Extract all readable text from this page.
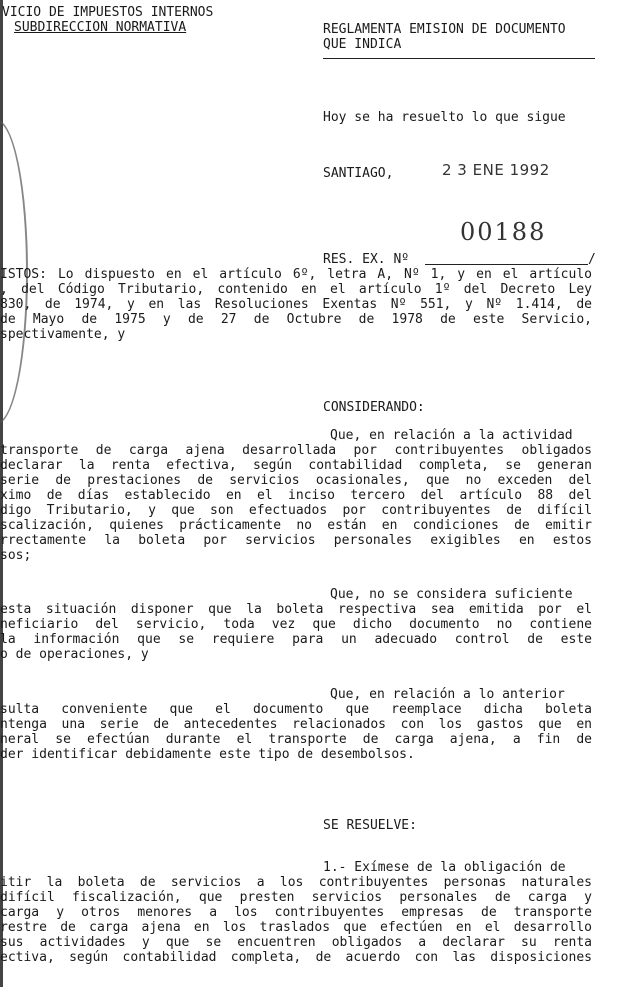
VICIO DE IMPUESTOS INTERNOS
SUBDIRECCION NORMATIVA	REGLAMENTA EMISION DE DOCUMENTO
QUE INDICA
Hoy se ha resuelto lo que sigue
SANTIAGO,	2 3 ENE 1992
00188
RES. EX. Nº	/
ISTOS: Lo dispuesto en el artículo 6º, letra A, Nº 1, y en el artículo
, del Código Tributario, contenido en el artículo 1º del Decreto Ley
830, de 1974, y en las Resoluciones Exentas Nº 551, y Nº 1.414, de
de Mayo de 1975 y de 27 de Octubre de 1978 de este Servicio,
spectivamente, y
CONSIDERANDO:
Que, en relación a la actividad
transporte de carga ajena desarrollada por contribuyentes obligados
declarar la renta efectiva, según contabilidad completa, se generan
serie de prestaciones de servicios ocasionales, que no exceden del
ximo de días establecido en el inciso tercero del artículo 88 del
digo Tributario, y que son efectuados por contribuyentes de difícil
scalización, quienes prácticamente no están en condiciones de emitir
rrectamente la boleta por servicios personales exigibles en estos
sos;
Que, no se considera suficiente
esta situación disponer que la boleta respectiva sea emitida por el
neficiario del servicio, toda vez que dicho documento no contiene
la información que se requiere para un adecuado control de este
o de operaciones, y
Que, en relación a lo anterior
sulta conveniente que el documento que reemplace dicha boleta
ntenga una serie de antecedentes relacionados con los gastos que en
neral se efectúan durante el transporte de carga ajena, a fin de
der identificar debidamente este tipo de desembolsos.
SE RESUELVE:
1.- Exímese de la obligación de
itir la boleta de servicios a los contribuyentes personas naturales
difícil fiscalización, que presten servicios personales de carga y
carga y otros menores a los contribuyentes empresas de transporte
restre de carga ajena en los traslados que efectúen en el desarrollo
sus actividades y que se encuentren obligados a declarar su renta
ectiva, según contabilidad completa, de acuerdo con las disposiciones
